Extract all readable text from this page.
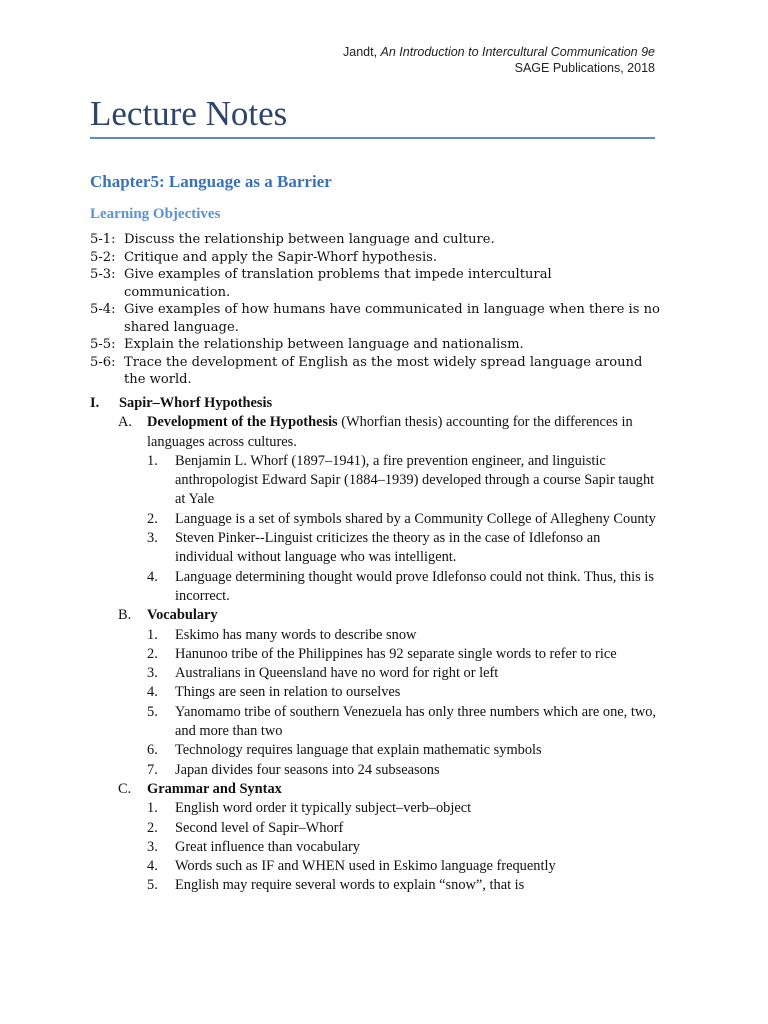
Jandt, An Introduction to Intercultural Communication 9e
SAGE Publications, 2018
Lecture Notes
Chapter5: Language as a Barrier
Learning Objectives
5-1: Discuss the relationship between language and culture.
5-2: Critique and apply the Sapir-Whorf hypothesis.
5-3: Give examples of translation problems that impede intercultural communication.
5-4: Give examples of how humans have communicated in language when there is no shared language.
5-5: Explain the relationship between language and nationalism.
5-6: Trace the development of English as the most widely spread language around the world.
I.	Sapir–Whorf Hypothesis
A.	Development of the Hypothesis (Whorfian thesis) accounting for the differences in languages across cultures.
1.	Benjamin L. Whorf (1897–1941), a fire prevention engineer, and linguistic anthropologist Edward Sapir (1884–1939) developed through a course Sapir taught at Yale
2.	Language is a set of symbols shared by a Community College of Allegheny County
3.	Steven Pinker--Linguist criticizes the theory as in the case of Idlefonso an individual without language who was intelligent.
4.	Language determining thought would prove Idlefonso could not think. Thus, this is incorrect.
B.	Vocabulary
1.	Eskimo has many words to describe snow
2.	Hanunoo tribe of the Philippines has 92 separate single words to refer to rice
3.	Australians in Queensland have no word for right or left
4.	Things are seen in relation to ourselves
5.	Yanomamo tribe of southern Venezuela has only three numbers which are one, two, and more than two
6.	Technology requires language that explain mathematic symbols
7.	Japan divides four seasons into 24 subseasons
C.	Grammar and Syntax
1.	English word order it typically subject–verb–object
2.	Second level of Sapir–Whorf
3.	Great influence than vocabulary
4.	Words such as IF and WHEN used in Eskimo language frequently
5.	English may require several words to explain “snow”, that is
